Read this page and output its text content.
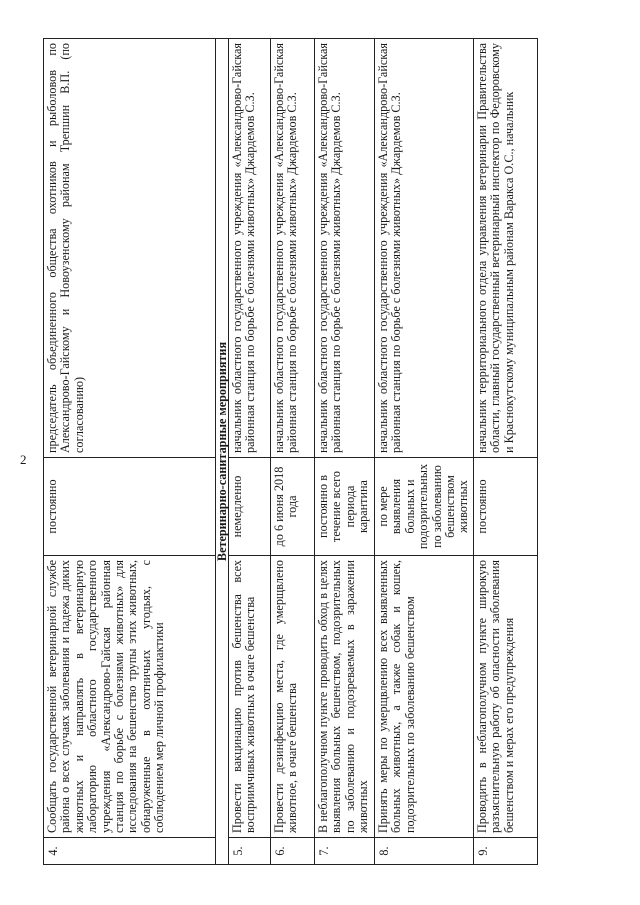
2
4.	Сообщать государственной ветеринарной службе района о всех случаях заболевания и падежа диких животных и направлять в ветеринарную лабораторию областного государственного учреждения «Александрово-Гайская районная станция по борьбе с болезнями животных» для исследования на бешенство трупы этих животных, обнаруженные в охотничьих угодьях, с соблюдением мер личной профилактики	постоянно	председатель объединенного общества охотников и рыболовов по Александрово-Гайскому и Новоузенскому районам Трепшин В.П. (по согласованию)
Ветеринарно-санитарные мероприятия			
5.	Провести вакцинацию против бешенства всех восприимчивых животных в очаге бешенства	немедленно	начальник областного государственного учреждения «Александрово-Гайская районная станция по борьбе с болезнями животных» Джардемов С.З.
6.	Провести дезинфекцию места, где умерщвлено животное, в очаге бешенства	до 6 июня 2018 года	начальник областного государственного учреждения «Александрово-Гайская районная станция по борьбе с болезнями животных» Джардемов С.З.
7.	В неблагополучном пункте проводить обход в целях выявления больных бешенством, подозрительных по заболеванию и подозреваемых в заражении животных	постоянно в течение всего периода карантина	начальник областного государственного учреждения «Александрово-Гайская районная станция по борьбе с болезнями животных» Джардемов С.З.
8.	Принять меры по умерщвлению всех выявленных больных животных, а также собак и кошек, подозрительных по заболеванию бешенством	по мере выявления больных и подозрительных по заболеванию бешенством животных	начальник областного государственного учреждения «Александрово-Гайская районная станция по борьбе с болезнями животных» Джардемов С.З.
9.	Проводить в неблагополучном пункте широкую разъяснительную работу об опасности заболевания бешенством и мерах его предупреждения	постоянно	начальник территориального отдела управления ветеринарии Правительства области, главный государственный ветеринарный инспектор по Федоровскому и Краснокутскому муниципальным районам Варакса О.С., начальник
